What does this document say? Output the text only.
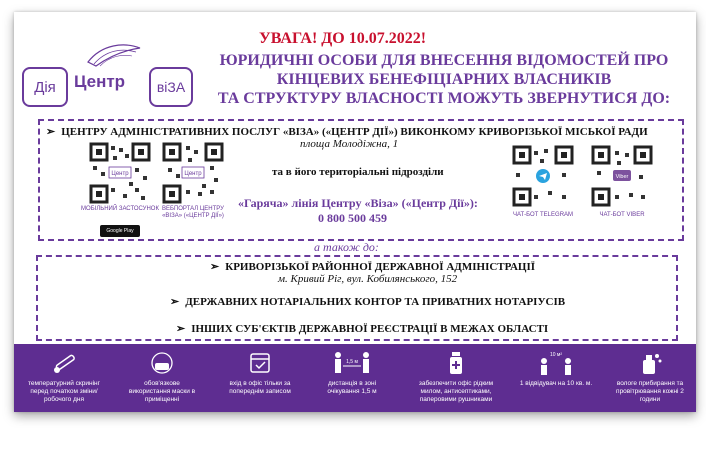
Дія	Центр	віЗА
УВАГА! ДО 10.07.2022!
ЮРИДИЧНІ ОСОБИ ДЛЯ ВНЕСЕННЯ ВІДОМОСТЕЙ ПРО
КІНЦЕВИХ БЕНЕФІЦІАРНИХ ВЛАСНИКІВ
ТА СТРУКТУРУ ВЛАСНОСТІ МОЖУТЬ ЗВЕРНУТИСЯ ДО:
➢ ЦЕНТРУ АДМІНІСТРАТИВНИХ ПОСЛУГ «ВІЗА» («ЦЕНТР ДІЇ») ВИКОНКОМУ КРИВОРІЗЬКОЇ МІСЬКОЇ РАДИ
площа Молодіжна, 1
та в його територіальні підрозділи
«Гаряча» лінія Центру «Віза» («Центр Дії»):
0 800 500 459
Центр
МОБІЛЬНИЙ ЗАСТОСУНОК
Google Play
Центр
ВЕБПОРТАЛ ЦЕНТРУ «ВІЗА» («ЦЕНТР ДІЇ»)	ЧАТ-БОТ TELEGRAM
Viber
ЧАТ-БОТ VIBER
а також до:
➢ КРИВОРІЗЬКОЇ РАЙОННОЇ ДЕРЖАВНОЇ АДМІНІСТРАЦІЇ
м. Кривий Ріг, вул. Кобилянського, 152
➢ ДЕРЖАВНИХ НОТАРІАЛЬНИХ КОНТОР ТА ПРИВАТНИХ НОТАРІУСІВ
➢ ІНШИХ СУБ'ЄКТІВ ДЕРЖАВНОЇ РЕЄСТРАЦІЇ В МЕЖАХ ОБЛАСТІ
температурний скринінг перед початком зміни/робочого дня
обов'язкове використання маски в приміщенні
вхід в офіс тільки за попереднім записом
1,5 м
дистанція в зоні очікування 1,5 м
забезпечити офіс рідким милом, антисептиками, паперовими рушниками
10 м²
1 відвідувач на 10 кв. м.	вологе прибирання та провітрювання кожні 2 години
